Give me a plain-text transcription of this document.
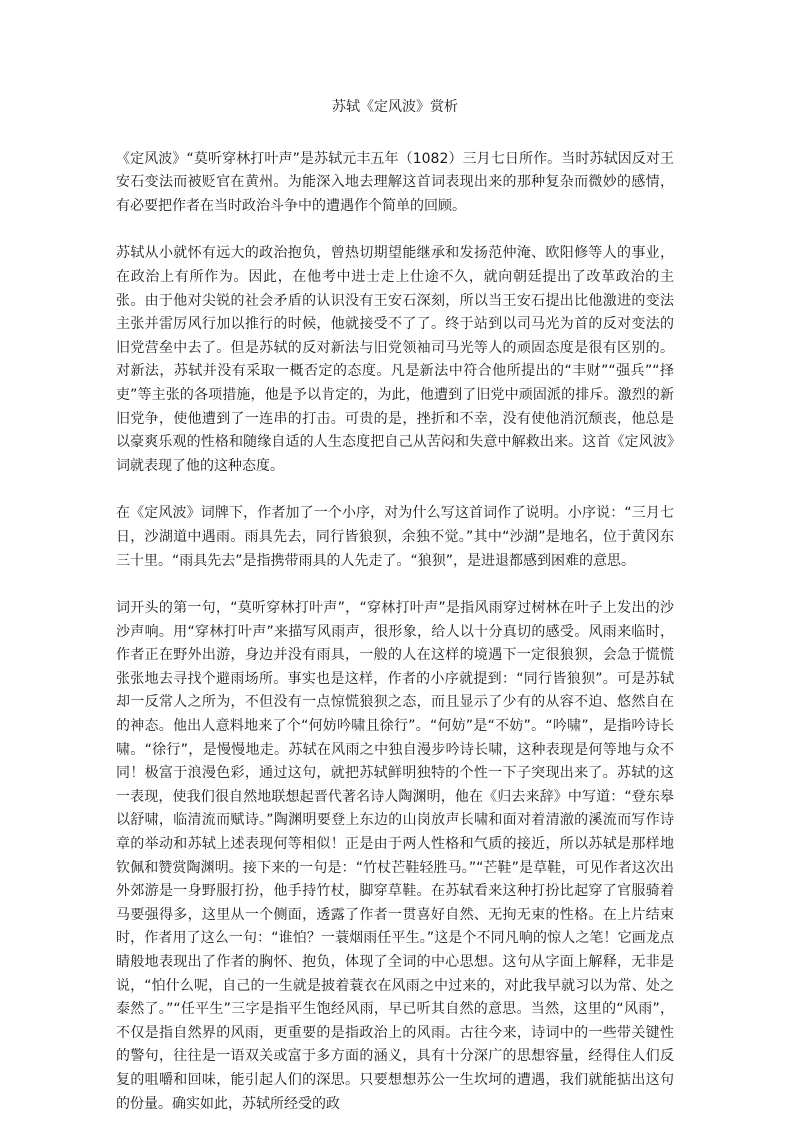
苏轼《定风波》赏析

《定风波》“莫听穿林打叶声”是苏轼元丰五年（1082）三月七日所作。当时苏轼因反对王安石变法而被贬官在黄州。为能深入地去理解这首词表现出来的那种复杂而微妙的感情，有必要把作者在当时政治斗争中的遭遇作个简单的回顾。

苏轼从小就怀有远大的政治抱负，曾热切期望能继承和发扬范仲淹、欧阳修等人的事业，在政治上有所作为。因此，在他考中进士走上仕途不久，就向朝廷提出了改革政治的主张。由于他对尖锐的社会矛盾的认识没有王安石深刻，所以当王安石提出比他激进的变法主张并雷厉风行加以推行的时候，他就接受不了了。终于站到以司马光为首的反对变法的旧党营垒中去了。但是苏轼的反对新法与旧党领袖司马光等人的顽固态度是很有区别的。对新法，苏轼并没有采取一概否定的态度。凡是新法中符合他所提出的“丰财”“强兵”“择吏”等主张的各项措施，他是予以肯定的，为此，他遭到了旧党中顽固派的排斥。激烈的新旧党争，使他遭到了一连串的打击。可贵的是，挫折和不幸，没有使他消沉颓丧，他总是以豪爽乐观的性格和随缘自适的人生态度把自己从苦闷和失意中解救出来。这首《定风波》词就表现了他的这种态度。

在《定风波》词牌下，作者加了一个小序，对为什么写这首词作了说明。小序说：“三月七日，沙湖道中遇雨。雨具先去，同行皆狼狈，余独不觉。”其中“沙湖”是地名，位于黄冈东三十里。“雨具先去”是指携带雨具的人先走了。“狼狈”，是进退都感到困难的意思。

词开头的第一句，“莫听穿林打叶声”，“穿林打叶声”是指风雨穿过树林在叶子上发出的沙沙声响。用“穿林打叶声”来描写风雨声，很形象，给人以十分真切的感受。风雨来临时，作者正在野外出游，身边并没有雨具，一般的人在这样的境遇下一定很狼狈，会急于慌慌张张地去寻找个避雨场所。事实也是这样，作者的小序就提到：“同行皆狼狈”。可是苏轼却一反常人之所为，不但没有一点惊慌狼狈之态，而且显示了少有的从容不迫、悠然自在的神态。他出人意料地来了个“何妨吟啸且徐行”。“何妨”是“不妨”。“吟啸”，是指吟诗长啸。“徐行”，是慢慢地走。苏轼在风雨之中独自漫步吟诗长啸，这种表现是何等地与众不同！极富于浪漫色彩，通过这句，就把苏轼鲜明独特的个性一下子突现出来了。苏轼的这一表现，使我们很自然地联想起晋代著名诗人陶渊明，他在《归去来辞》中写道：“登东皋以舒啸，临清流而赋诗。”陶渊明要登上东边的山岗放声长啸和面对着清澈的溪流而写作诗章的举动和苏轼上述表现何等相似！正是由于两人性格和气质的接近，所以苏轼是那样地钦佩和赞赏陶渊明。接下来的一句是：“竹杖芒鞋轻胜马。”“芒鞋”是草鞋，可见作者这次出外郊游是一身野服打扮，他手持竹杖，脚穿草鞋。在苏轼看来这种打扮比起穿了官服骑着马要强得多，这里从一个侧面，透露了作者一贯喜好自然、无拘无束的性格。在上片结束时，作者用了这么一句：“谁怕？一蓑烟雨任平生。”这是个不同凡响的惊人之笔！它画龙点睛般地表现出了作者的胸怀、抱负，体现了全词的中心思想。这句从字面上解释，无非是说，“怕什么呢，自己的一生就是披着蓑衣在风雨之中过来的，对此我早就习以为常、处之泰然了。”“任平生”三字是指平生饱经风雨，早已听其自然的意思。当然，这里的“风雨”，不仅是指自然界的风雨，更重要的是指政治上的风雨。古往今来，诗词中的一些带关键性的警句，往往是一语双关或富于多方面的涵义，具有十分深广的思想容量，经得住人们反复的咀嚼和回味，能引起人们的深思。只要想想苏公一生坎坷的遭遇，我们就能掂出这句的份量。确实如此，苏轼所经受的政
